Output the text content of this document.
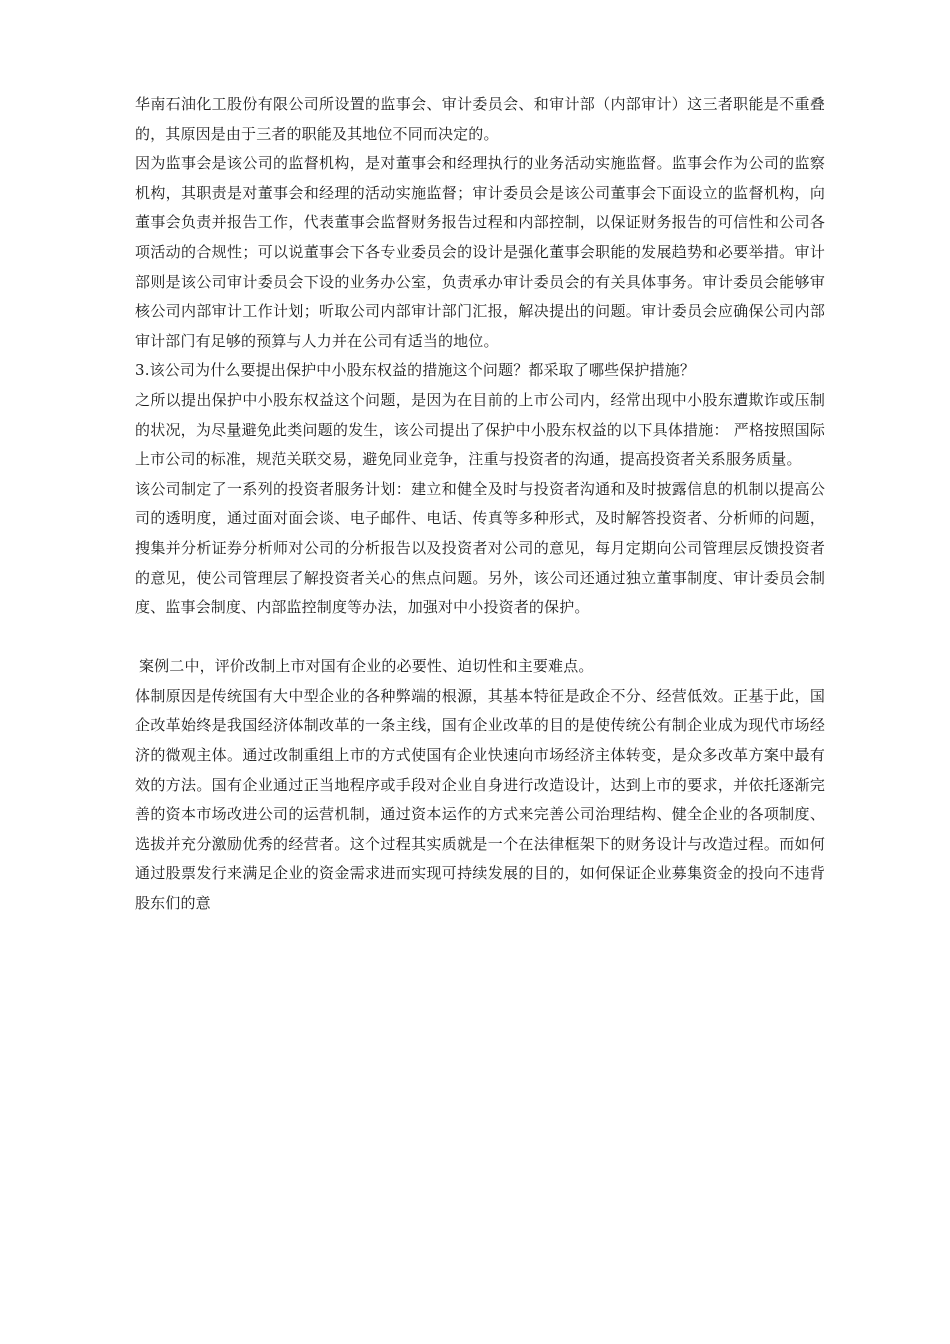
华南石油化工股份有限公司所设置的监事会、审计委员会、和审计部（内部审计）这三者职能是不重叠的，其原因是由于三者的职能及其地位不同而决定的。

因为监事会是该公司的监督机构，是对董事会和经理执行的业务活动实施监督。监事会作为公司的监察机构，其职责是对董事会和经理的活动实施监督；审计委员会是该公司董事会下面设立的监督机构，向董事会负责并报告工作，代表董事会监督财务报告过程和内部控制，以保证财务报告的可信性和公司各项活动的合规性；可以说董事会下各专业委员会的设计是强化董事会职能的发展趋势和必要举措。审计部则是该公司审计委员会下设的业务办公室，负责承办审计委员会的有关具体事务。审计委员会能够审核公司内部审计工作计划；听取公司内部审计部门汇报，解决提出的问题。审计委员会应确保公司内部审计部门有足够的预算与人力并在公司有适当的地位。

3.该公司为什么要提出保护中小股东权益的措施这个问题？都采取了哪些保护措施？

之所以提出保护中小股东权益这个问题，是因为在目前的上市公司内，经常出现中小股东遭欺诈或压制的状况，为尽量避免此类问题的发生，该公司提出了保护中小股东权益的以下具体措施： 严格按照国际上市公司的标准，规范关联交易，避免同业竞争，注重与投资者的沟通，提高投资者关系服务质量。

该公司制定了一系列的投资者服务计划：建立和健全及时与投资者沟通和及时披露信息的机制以提高公司的透明度，通过面对面会谈、电子邮件、电话、传真等多种形式，及时解答投资者、分析师的问题，搜集并分析证券分析师对公司的分析报告以及投资者对公司的意见，每月定期向公司管理层反馈投资者的意见，使公司管理层了解投资者关心的焦点问题。另外，该公司还通过独立董事制度、审计委员会制度、监事会制度、内部监控制度等办法，加强对中小投资者的保护。

案例二中，评价改制上市对国有企业的必要性、迫切性和主要难点。

体制原因是传统国有大中型企业的各种弊端的根源，其基本特征是政企不分、经营低效。正基于此，国企改革始终是我国经济体制改革的一条主线，国有企业改革的目的是使传统公有制企业成为现代市场经济的微观主体。通过改制重组上市的方式使国有企业快速向市场经济主体转变，是众多改革方案中最有效的方法。国有企业通过正当地程序或手段对企业自身进行改造设计，达到上市的要求，并依托逐渐完善的资本市场改进公司的运营机制，通过资本运作的方式来完善公司治理结构、健全企业的各项制度、选拔并充分激励优秀的经营者。这个过程其实质就是一个在法律框架下的财务设计与改造过程。而如何通过股票发行来满足企业的资金需求进而实现可持续发展的目的，如何保证企业募集资金的投向不违背股东们的意
